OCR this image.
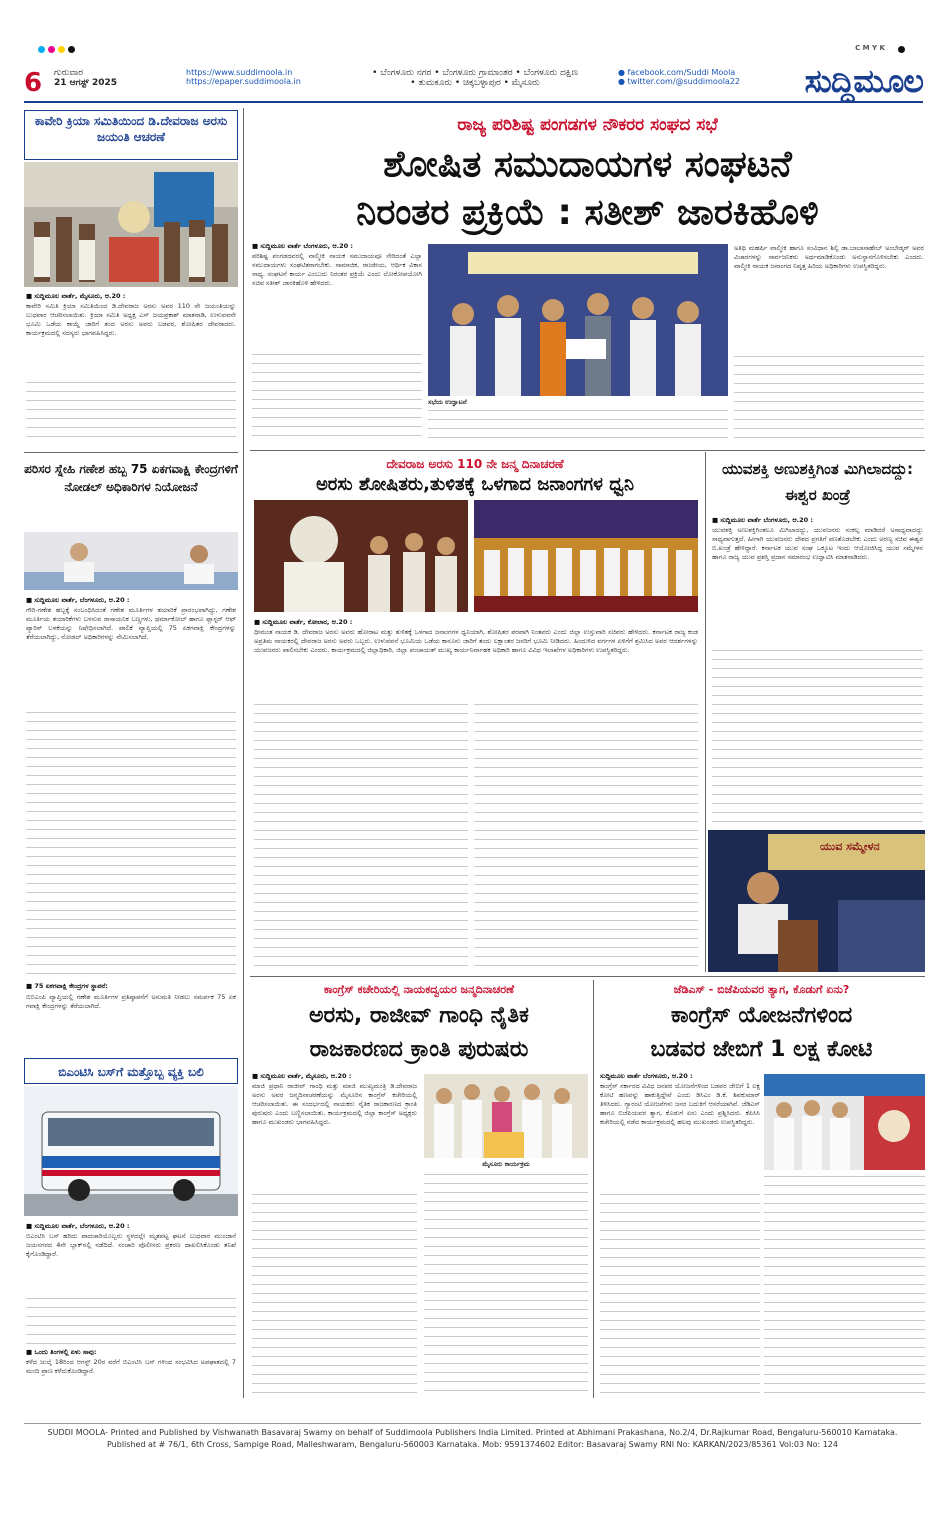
C M Y K
6 ಗುರುವಾರ
21 ಆಗಸ್ಟ್ 2025
https://www.suddimoola.in
https://epaper.suddimoola.in
• ಬೆಂಗಳೂರು ನಗರ • ಬೆಂಗಳೂರು ಗ್ರಾಮಾಂತರ • ಬೆಂಗಳೂರು ದಕ್ಷಿಣ
• ತುಮಕೂರು • ಚಿಕ್ಕಬಳ್ಳಾಪುರ • ಮೈಸೂರು
● facebook.com/Suddi Moola
● twitter.com/@suddimoola22	ಸುದ್ದಿಮೂಲ
ಕಾವೇರಿ ಕ್ರಿಯಾ ಸಮಿತಿಯಿಂದ ಡಿ.ದೇವರಾಜ ಅರಸು ಜಯಂತಿ ಆಚರಣೆ
■ ಸುದ್ದಿಮೂಲ ವಾರ್ತೆ, ಮೈಸೂರು, ಆ.20 :
ಕಾವೇರಿ ಸಮಿತಿ ಕ್ರಿಯಾ ಸಮಿತಿಯಿಂದ ಡಿ.ದೇವರಾಜ ಅರಸು ಅವರ 110 ನೇ ಜಯಂತಿಯನ್ನು ಬುಧವಾರ ಆಚರಿಸಲಾಯಿತು. ಕ್ರಿಯಾ ಸಮಿತಿ ಅಧ್ಯಕ್ಷ ಎಸ್ ಜಯಪ್ರಕಾಶ್ ಮಾತನಾಡಿ, ಉಳುವವನೇ ಭೂಮಿ ಒಡೆಯ ಕಾಯ್ದೆ ಜಾರಿಗೆ ತಂದ ಅರಸು ಅವರು ಬಡವರ, ಶೋಷಿತರ ದೇವರಾದರು. ಕಾರ್ಯಕ್ರಮದಲ್ಲಿ ಸದಸ್ಯರು ಭಾಗವಹಿಸಿದ್ದರು.
ಪರಿಸರ ಸ್ನೇಹಿ ಗಣೇಶ ಹಬ್ಬ 75 ಏಕಗವಾಕ್ಷಿ ಕೇಂದ್ರಗಳಿಗೆ ನೋಡಲ್ ಅಧಿಕಾರಿಗಳ ನಿಯೋಜನೆ
■ ಸುದ್ದಿಮೂಲ ವಾರ್ತೆ, ಬೆಂಗಳೂರು, ಆ.20 :
ಗೌರಿ-ಗಣೇಶ ಹಬ್ಬಕ್ಕೆ ಸಂಬಂಧಿಸಿದಂತೆ ಗಣೇಶ ಮೂರ್ತಿಗಳ ತಯಾರಿಕೆ ಪ್ರಾರಂಭವಾಗಿದ್ದು, ಗಣೇಶ ಮೂರ್ತಿಯ ತಯಾರಿಕೆಗಳು ಬಳಸುವ ರಾಸಾಯನಿಕ ಬಣ್ಣಗಳು, ಥರ್ಮಾಕೋಲ್ ಹಾಗೂ ಪ್ಲಾಸ್ಟರ್ ಆಫ್ ಪ್ಯಾರಿಸ್ ಬಳಕೆಯನ್ನು ನಿಷೇಧಿಸಲಾಗಿದೆ. ಪಾಲಿಕೆ ವ್ಯಾಪ್ತಿಯಲ್ಲಿ 75 ಏಕಗವಾಕ್ಷಿ ಕೇಂದ್ರಗಳನ್ನು ತೆರೆಯಲಾಗಿದ್ದು, ನೋಡಲ್ ಅಧಿಕಾರಿಗಳನ್ನು ನೇಮಿಸಲಾಗಿದೆ.
■ 75 ಏಕಗವಾಕ್ಷಿ ಕೇಂದ್ರಗಳ ಸ್ಥಾಪನೆ:
ಬಿಬಿಎಂಪಿ ವ್ಯಾಪ್ತಿಯಲ್ಲಿ ಗಣೇಶ ಮೂರ್ತಿಗಳ ಪ್ರತಿಷ್ಠಾಪನೆಗೆ ಅನುಮತಿ ನೀಡಲು ಸಮರ್ಪಕ 75 ಏಕ ಗವಾಕ್ಷಿ ಕೇಂದ್ರಗಳನ್ನು ತೆರೆಯಲಾಗಿದೆ.
ಬಿಎಂಟಿಸಿ ಬಸ್‌ಗೆ ಮತ್ತೊಬ್ಬ ವ್ಯಕ್ತಿ ಬಲಿ
■ ಸುದ್ದಿಮೂಲ ವಾರ್ತೆ, ಬೆಂಗಳೂರು, ಆ.20 :
ಬಿಎಂಟಿಸಿ ಬಸ್ ಹರಿದು ಪಾದಚಾರಿಯೊಬ್ಬರು ಸ್ಥಳದಲ್ಲೇ ಮೃತಪಟ್ಟ ಘಟನೆ ಬುಧವಾರ ಮುಂಜಾನೆ ಜಯನಗರದ 4ನೇ ಬ್ಲಾಕ್‌ನಲ್ಲಿ ನಡೆದಿದೆ. ಸಂಚಾರಿ ಪೊಲೀಸರು ಪ್ರಕರಣ ದಾಖಲಿಸಿಕೊಂಡು ತನಿಖೆ ಕೈಗೊಂಡಿದ್ದಾರೆ.
■ ಒಂದು ತಿಂಗಳಲ್ಲಿ ಏಳು ಸಾವು:
ಕಳೆದ ಜುಲೈ 18ರಿಂದ ಆಗಸ್ಟ್ 20ರ ವರೆಗೆ ಬಿಎಂಟಿಸಿ ಬಸ್ ಗಳಿಂದ ಸಂಭವಿಸಿದ ಅಪಘಾತದಲ್ಲಿ 7 ಮಂದಿ ಪ್ರಾಣ ಕಳೆದುಕೊಂಡಿದ್ದಾರೆ.
ರಾಜ್ಯ ಪರಿಶಿಷ್ಟ ಪಂಗಡಗಳ ನೌಕರರ ಸಂಘದ ಸಭೆ
ಶೋಷಿತ ಸಮುದಾಯಗಳ ಸಂಘಟನೆ
ನಿರಂತರ ಪ್ರಕ್ರಿಯೆ : ಸತೀಶ್ ಜಾರಕಿಹೊಳಿ
■ ಸುದ್ದಿಮೂಲ ವಾರ್ತೆ ಬೆಂಗಳೂರು, ಆ.20 :
ಪರಿಶಿಷ್ಟ ಪಂಗಡದವರಲ್ಲಿ ವಾಲ್ಮೀಕಿ ನಾಯಕ ಸಮುದಾಯವೂ ಸೇರಿದಂತೆ ಎಲ್ಲಾ ಸಮುದಾಯಗಳು ಸಂಘಟಿತರಾಗಬೇಕು. ಸಾಮಾಜಿಕ, ರಾಜಕೀಯ, ಆರ್ಥಿಕ ವಿಕಾಸ ಸಾಧ್ಯ. ಸಂಘಟನೆ ಕಾರ್ಯ ಎಂಬುದು ನಿರಂತರ ಪ್ರಕ್ರಿಯೆ ಎಂದು ಲೋಕೋಪಯೋಗಿ ಸಚಿವ ಸತೀಶ್ ಜಾರಕಿಹೊಳಿ ಹೇಳಿದರು.
ಸಭೆಯ ಉದ್ಘಾಟನೆ
ಅತಿಥಿ ಮಹರ್ಷಿ ವಾಲ್ಮೀಕಿ ಹಾಗೂ ಸಂವಿಧಾನ ಶಿಲ್ಪಿ ಡಾ.ಬಾಬಾಸಾಹೇಬ್ ಅಂಬೇಡ್ಕರ್ ಅವರ ವಿಚಾರಗಳನ್ನು ಸಾರ್ವಜನಿಕರು ಅರ್ಥಮಾಡಿಕೊಂಡು ಅನುಸ್ಥಾನಗೊಳಿಸಬೇಕು ಎಂದರು. ವಾಲ್ಮೀಕಿ ನಾಯಕ ಜನಾಂಗದ ನಿವೃತ್ತ ಹಿರಿಯ ಅಧಿಕಾರಿಗಳು ಉಪಸ್ಥಿತರಿದ್ದರು.
ದೇವರಾಜ ಅರಸು 110 ನೇ ಜನ್ಮ ದಿನಾಚರಣೆ
ಅರಸು ಶೋಷಿತರು,ತುಳಿತಕ್ಕೆ ಒಳಗಾದ ಜನಾಂಗಗಳ ಧ್ವನಿ
■ ಸುದ್ದಿಮೂಲ ವಾರ್ತೆ, ಕೋಲಾರ, ಆ.20 :
ಧೀಮಂತ ನಾಯಕ ಡಿ. ದೇವರಾಜ ಅರಸು ಅವರು ಹೋರಾಟ ಮತ್ತು ತುಳಿತಕ್ಕೆ ಒಳಗಾದ ಜನಾಂಗಗಳ ಧ್ವನಿಯಾಗಿ, ಶೋಷಿತರ ಪರವಾಗಿ ನಿಂತವರು ಎಂದು ಜಿಲ್ಲಾ ಉಸ್ತುವಾರಿ ಸಚಿವರು ಹೇಳಿದರು. ಕರ್ನಾಟಕ ರಾಜ್ಯ ಕಂಡ ಅಪ್ರತಿಮ ನಾಯಕರಲ್ಲಿ ದೇವರಾಜ ಅರಸು ಅವರು ಒಬ್ಬರು. ಉಳುವವನೆ ಭೂಮಿಯ ಒಡೆಯ ಕಾನೂನು ಜಾರಿಗೆ ತಂದು ಲಕ್ಷಾಂತರ ಜನರಿಗೆ ಭೂಮಿ ನೀಡಿದರು. ಹಿಂದುಳಿದ ವರ್ಗಗಳ ಏಳಿಗೆಗೆ ಶ್ರಮಿಸಿದ ಅವರ ಆದರ್ಶಗಳನ್ನು ಯುವಜನರು ಪಾಲಿಸಬೇಕು ಎಂದರು. ಕಾರ್ಯಕ್ರಮದಲ್ಲಿ ಜಿಲ್ಲಾಧಿಕಾರಿ, ಜಿಲ್ಲಾ ಪಂಚಾಯತ್ ಮುಖ್ಯ ಕಾರ್ಯನಿರ್ವಾಹಕ ಅಧಿಕಾರಿ ಹಾಗೂ ವಿವಿಧ ಇಲಾಖೆಗಳ ಅಧಿಕಾರಿಗಳು ಉಪಸ್ಥಿತರಿದ್ದರು.
ಯುವಶಕ್ತಿ ಅಣುಶಕ್ತಿಗಿಂತ ಮಿಗಿಲಾದದ್ದು: ಈಶ್ವರ ಖಂಡ್ರೆ
■ ಸುದ್ದಿಮೂಲ ವಾರ್ತೆ ಬೆಂಗಳೂರು, ಆ.20 :
ಯುವಶಕ್ತಿ ಅಣುಶಕ್ತಿಗಿಂತಲೂ ಮಿಗಿಲಾದದ್ದು, ಯುವಜನರು ಸಂಕಲ್ಪ ಮಾಡಿದರೆ ಅಸಾಧ್ಯವಾದದ್ದು ಸಾಧ್ಯವಾಗುತ್ತದೆ. ಹೀಗಾಗಿ ಯುವಜನರು ದೇಶದ ಪ್ರಗತಿಗೆ ಪಣತೊಡಬೇಕು ಎಂದು ಅರಣ್ಯ ಸಚಿವ ಈಶ್ವರ ಬಿ.ಖಂಡ್ರೆ ಹೇಳಿದ್ದಾರೆ. ಕರ್ನಾಟಕ ಯುವ ಸಂಘ ಒಕ್ಕೂಟ ಇಂದು ಆಯೋಜಿಸಿದ್ದ ಯುವ ಸಮ್ಮೇಳನ ಹಾಗೂ ರಾಜ್ಯ ಯುವ ಪ್ರಶಸ್ತಿ ಪ್ರದಾನ ಸಮಾರಂಭ ಉದ್ಘಾಟಿಸಿ ಮಾತನಾಡಿದರು.
ಯುವ ಸಮ್ಮೇಳನ
ಕಾಂಗ್ರೆಸ್ ಕಚೇರಿಯಲ್ಲಿ ನಾಯಕದ್ವಯರ ಜನ್ಮದಿನಾಚರಣೆ
ಅರಸು, ರಾಜೀವ್ ಗಾಂಧಿ ನೈತಿಕ
ರಾಜಕಾರಣದ ಕ್ರಾಂತಿ ಪುರುಷರು
■ ಸುದ್ದಿಮೂಲ ವಾರ್ತೆ, ಮೈಸೂರು, ಆ.20 :
ಮಾಜಿ ಪ್ರಧಾನಿ ರಾಜೀವ್ ಗಾಂಧಿ ಮತ್ತು ಮಾಜಿ ಮುಖ್ಯಮಂತ್ರಿ ಡಿ.ದೇವರಾಜ ಅರಸು ಅವರ ಜನ್ಮದಿನಾಚರಣೆಯನ್ನು ಮೈಸೂರಿನ ಕಾಂಗ್ರೆಸ್ ಕಚೇರಿಯಲ್ಲಿ ಆಚರಿಸಲಾಯಿತು. ಈ ಸಂದರ್ಭದಲ್ಲಿ ನಾಯಕರು ನೈತಿಕ ರಾಜಕಾರಣದ ಕ್ರಾಂತಿ ಪುರುಷರು ಎಂದು ಬಣ್ಣಿಸಲಾಯಿತು. ಕಾರ್ಯಕ್ರಮದಲ್ಲಿ ಜಿಲ್ಲಾ ಕಾಂಗ್ರೆಸ್ ಅಧ್ಯಕ್ಷರು ಹಾಗೂ ಮುಖಂಡರು ಭಾಗವಹಿಸಿದ್ದರು.
ಮೈಸೂರು ಕಾರ್ಯಕ್ರಮ
ಜೆಡಿಎಸ್ - ಬಿಜೆಪಿಯವರ ತ್ಯಾಗ, ಕೊಡುಗೆ ಏನು?
ಕಾಂಗ್ರೆಸ್ ಯೋಜನೆಗಳಿಂದ
ಬಡವರ ಜೇಬಿಗೆ 1 ಲಕ್ಷ ಕೋಟಿ
ಸುದ್ದಿಮೂಲ ವಾರ್ತೆ ಬೆಂಗಳೂರು, ಆ.20 :
ಕಾಂಗ್ರೆಸ್ ಸರ್ಕಾರದ ವಿವಿಧ ಜನಪರ ಯೋಜನೆಗಳಿಂದ ಬಡವರ ಜೇಬಿಗೆ 1 ಲಕ್ಷ ಕೋಟಿ ಹಣವನ್ನು ಹಾಕುತ್ತಿದ್ದೇವೆ ಎಂದು ಡಿಸಿಎಂ ಡಿ.ಕೆ. ಶಿವಕುಮಾರ್ ತಿಳಿಸಿದರು. ಗ್ಯಾರಂಟಿ ಯೋಜನೆಗಳು ಜನರ ಬದುಕಿಗೆ ಆಸರೆಯಾಗಿವೆ. ಜೆಡಿಎಸ್ ಹಾಗೂ ಬಿಜೆಪಿಯವರ ತ್ಯಾಗ, ಕೊಡುಗೆ ಏನು ಎಂದು ಪ್ರಶ್ನಿಸಿದರು. ಕೆಪಿಸಿಸಿ ಕಚೇರಿಯಲ್ಲಿ ನಡೆದ ಕಾರ್ಯಕ್ರಮದಲ್ಲಿ ಹಲವು ಮುಖಂಡರು ಉಪಸ್ಥಿತರಿದ್ದರು.
SUDDI MOOLA- Printed and Published by Vishwanath Basavaraj Swamy on behalf of Suddimoola Publishers India Limited. Printed at Abhimani Prakashana, No.2/4, Dr.Rajkumar Road, Bengaluru-560010 Karnataka.
Published at # 76/1, 6th Cross, Sampige Road, Malleshwaram, Bengaluru-560003 Karnataka. Mob: 9591374602 Editor: Basavaraj Swamy RNI No: KARKAN/2023/85361 Vol:03 No: 124
